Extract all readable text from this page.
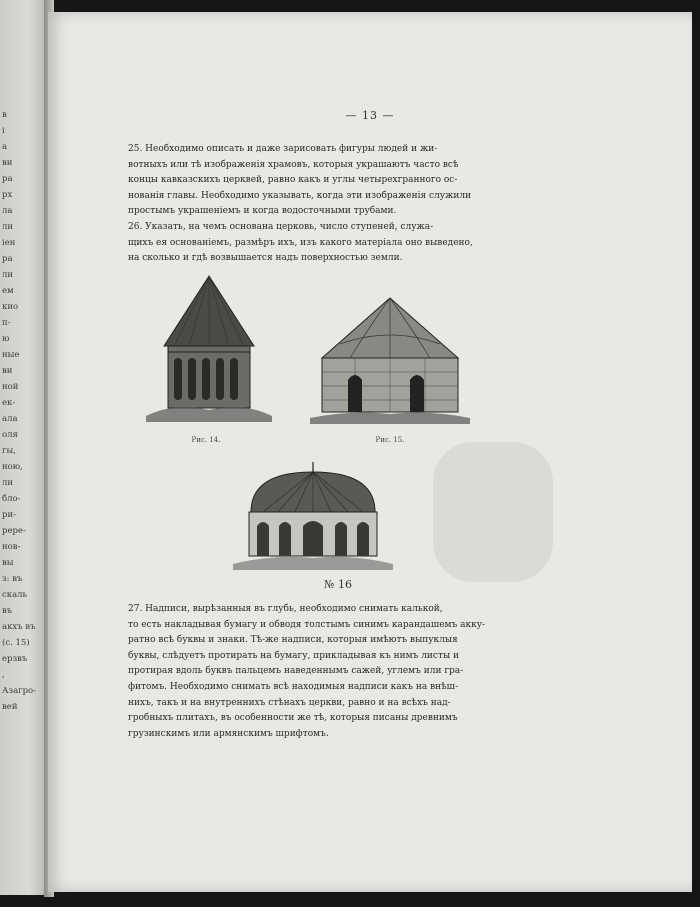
в
і
а
ви
ра
рх
ла
ли
іен
ра
ли
ем
кио
п-
ю
ные
ви
ной
ек-
ала
оля
гы,
ною,
ли
бло-
ри-
рере-
нов-
вы
з: въ
скаль
въ
акхъ въ
(с. 15)
ерзвъ
,
Азагро-
вей
— 13 —
25. Необходимо описать и даже зарисовать фигуры людей и жи-
вотныхъ или тѣ изображенія храмовъ, которыя украшаютъ часто всѣ
концы кавказскихъ церквей, равно какъ и углы четырехгранного ос-
нованія главы. Необходимо указывать, когда эти изображенія служили
простымъ украшеніемъ и когда водосточными трубами.
26. Указать, на чемъ основана церковь, число ступеней, служа-
щихъ ея основаніемъ, размѣръ ихъ, изъ какого матеріала оно выведено,
на сколько и гдѣ возвышается надъ поверхностью земли.
Рис. 14.	Рис. 15.
№ 16
27. Надписи, вырѣзанныя въ глубь, необходимо снимать калькой,
то есть накладывая бумагу и обводя толстымъ синимъ карандашемъ акку-
ратно всѣ буквы и знаки. Тѣ-же надписи, которыя имѣютъ выпуклыя
буквы, слѣдуетъ протирать на бумагу, прикладывая къ нимъ листы и
протирая вдоль буквъ пальцемъ наведеннымъ сажей, углемъ или гра-
фитомъ. Необходимо снимать всѣ находимыя надписи какъ на внѣш-
нихъ, такъ и на внутреннихъ стѣнахъ церкви, равно и на всѣхъ над-
гробныхъ плитахъ, въ особенности же тѣ, которыя писаны древнимъ
грузинскимъ или армянскимъ шрифтомъ.
